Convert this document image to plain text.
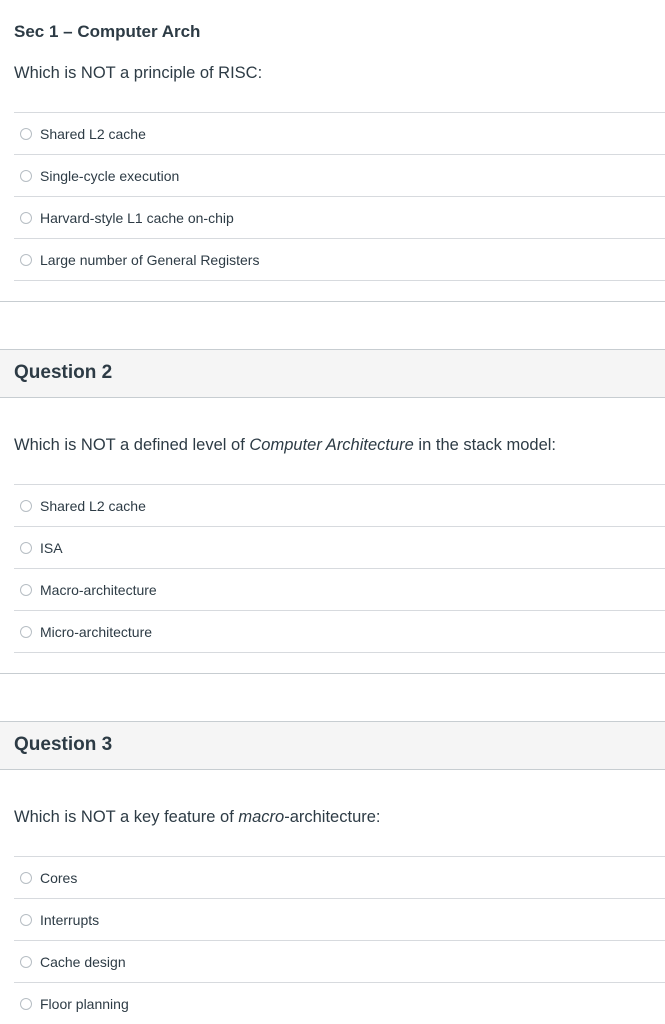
Sec 1 – Computer Arch
Which is NOT a principle of RISC:
Shared L2 cache
Single-cycle execution
Harvard-style L1 cache on-chip
Large number of General Registers
Question 2
Which is NOT a defined level of Computer Architecture in the stack model:
Shared L2 cache
ISA
Macro-architecture
Micro-architecture
Question 3
Which is NOT a key feature of macro-architecture:
Cores
Interrupts
Cache design
Floor planning
